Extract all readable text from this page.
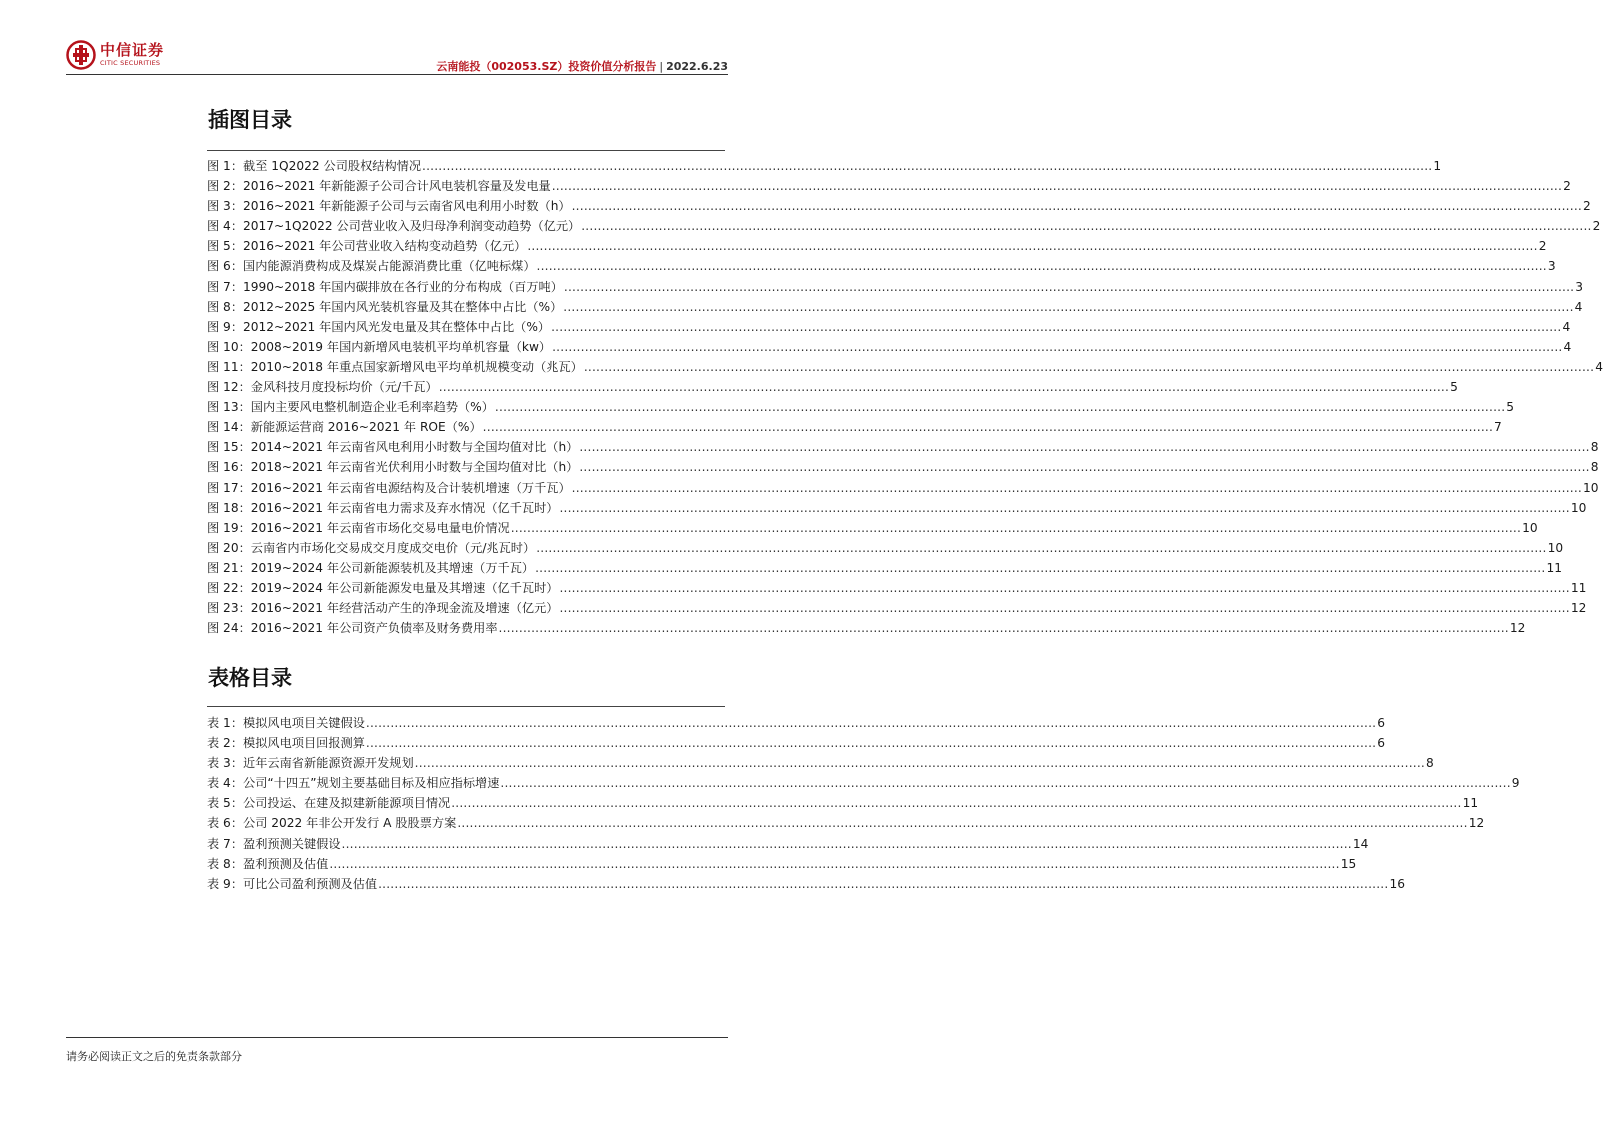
中信证券
CITIC SECURITIES	云南能投（002053.SZ）投资价值分析报告 | 2022.6.23
插图目录
图 1： 截至 1Q2022 公司股权结构情况 .....	1
图 2： 2016~2021 年新能源子公司合计风电装机容量及发电量 .....	2
图 3： 2016~2021 年新能源子公司与云南省风电利用小时数（h） .....	2
图 4： 2017~1Q2022 公司营业收入及归母净利润变动趋势（亿元） .....	2
图 5： 2016~2021 年公司营业收入结构变动趋势（亿元） .....	2
图 6： 国内能源消费构成及煤炭占能源消费比重（亿吨标煤） .....	3
图 7： 1990~2018 年国内碳排放在各行业的分布构成（百万吨） .....	3
图 8： 2012~2025 年国内风光装机容量及其在整体中占比（%） .....	4
图 9： 2012~2021 年国内风光发电量及其在整体中占比（%） .....	4
图 10： 2008~2019 年国内新增风电装机平均单机容量（kw） .....	4
图 11： 2010~2018 年重点国家新增风电平均单机规模变动（兆瓦） .....	4
图 12： 金风科技月度投标均价（元/千瓦） .....	5
图 13： 国内主要风电整机制造企业毛利率趋势（%） .....	5
图 14： 新能源运营商 2016~2021 年 ROE（%） .....	7
图 15： 2014~2021 年云南省风电利用小时数与全国均值对比（h） .....	8
图 16： 2018~2021 年云南省光伏利用小时数与全国均值对比（h） .....	8
图 17： 2016~2021 年云南省电源结构及合计装机增速（万千瓦） .....	10
图 18： 2016~2021 年云南省电力需求及弃水情况（亿千瓦时） .....	10
图 19： 2016~2021 年云南省市场化交易电量电价情况 .....	10
图 20： 云南省内市场化交易成交月度成交电价（元/兆瓦时） .....	10
图 21： 2019~2024 年公司新能源装机及其增速（万千瓦） .....	11
图 22： 2019~2024 年公司新能源发电量及其增速（亿千瓦时） .....	11
图 23： 2016~2021 年经营活动产生的净现金流及增速（亿元） .....	12
图 24： 2016~2021 年公司资产负债率及财务费用率 .....	12
表格目录
表 1： 模拟风电项目关键假设 .....	6
表 2： 模拟风电项目回报测算 .....	6
表 3： 近年云南省新能源资源开发规划 .....	8
表 4： 公司“十四五”规划主要基础目标及相应指标增速 .....	9
表 5： 公司投运、在建及拟建新能源项目情况 .....	11
表 6： 公司 2022 年非公开发行 A 股股票方案 .....	12
表 7： 盈利预测关键假设 .....	14
表 8： 盈利预测及估值 .....	15
表 9： 可比公司盈利预测及估值 .....	16
请务必阅读正文之后的免责条款部分
